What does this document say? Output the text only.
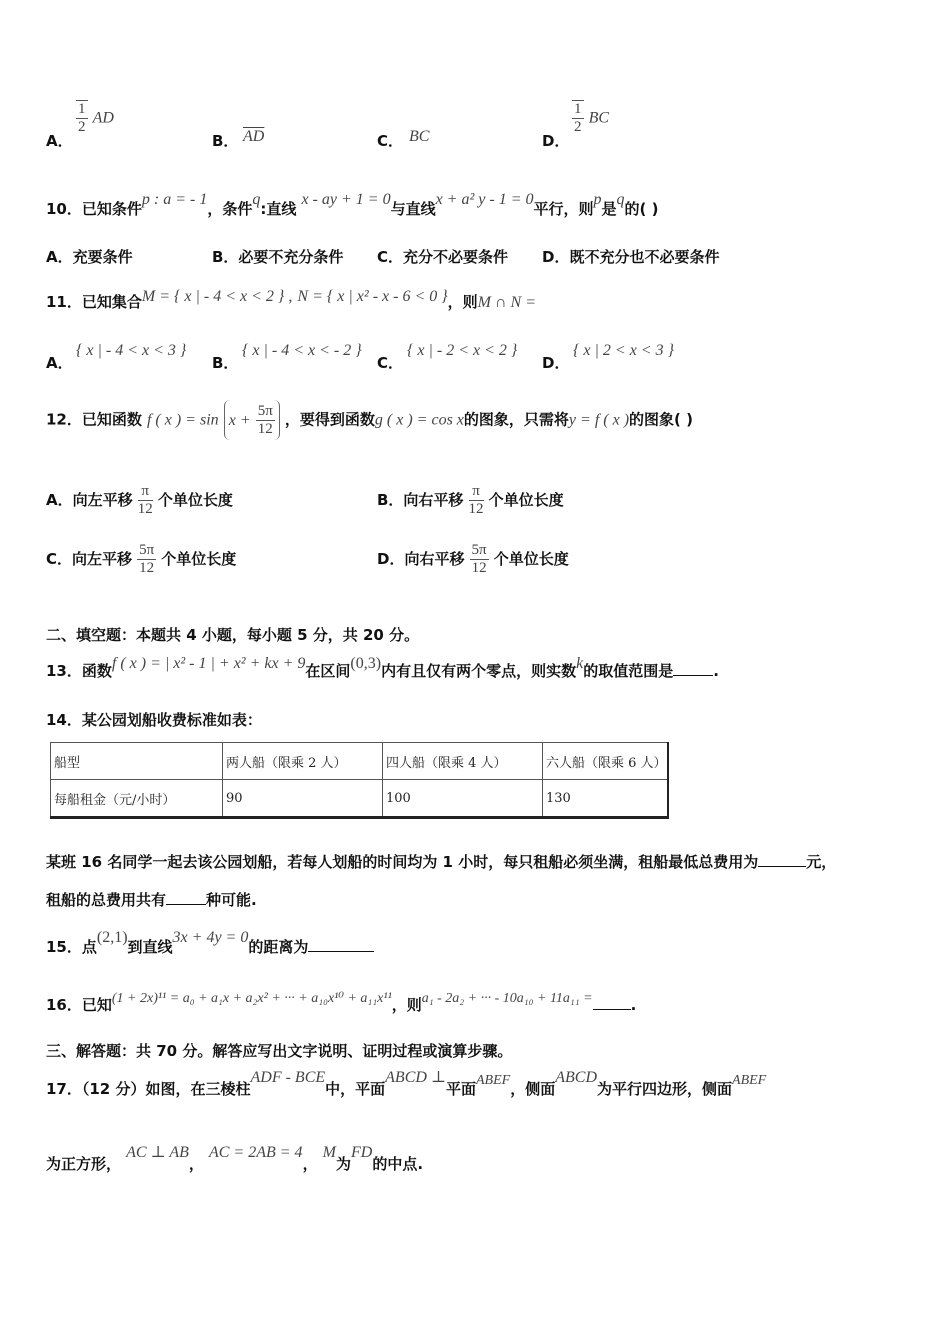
A．
$\frac{1}{2}$ AD
B． $\overline{AD}$	C． BC	D．
$\frac{1}{2}$ BC
10．已知条件p : a = - 1，条件q:直线 x - ay + 1 = 0与直线x + a² y - 1 = 0平行，则p是q的( )
A．充要条件	B．必要不充分条件 C．充分不必要条件 D．既不充分也不必要条件
11．已知集合M = { x | - 4 < x < 2 } , N = { x | x² - x - 6 < 0 }，则M ∩ N =
A．
{ x | - 4 < x < 3 }
B．
{ x | - 4 < x < - 2 }
C．
{ x | - 2 < x < 2 }
D．
{ x | 2 < x < 3 }
12．已知函数 f ( x ) = $\sin x + \frac{5\pi}{12}$ ，要得到函数g ( x ) = cos x的图象，只需将y = f ( x )的图象( )
A．向左平移 $\frac{\pi}{12}$ 个单位长度	B．向右平移 $\frac{\pi}{12}$ 个单位长度
C．向左平移 $\frac{5\pi}{12}$ 个单位长度	D．向右平移 $\frac{5\pi}{12}$ 个单位长度
二、填空题：本题共 4 小题，每小题 5 分，共 20 分。
13．函数f ( x ) = | x² - 1 | + x² + kx + 9在区间(0,3)内有且仅有两个零点，则实数k的取值范围是	.
14．某公园划船收费标准如表：
船型	两人船（限乘 2 人）	四人船（限乘 4 人）	六人船（限乘 6 人）
每船租金（元/小时）	90	100	130
某班 16 名同学一起去该公园划船，若每人划船的时间均为 1 小时，每只租船必须坐满，租船最低总费用为	元，
租船的总费用共有	种可能.
15．点(2,1)到直线3x + 4y = 0的距离为
16．已知(1 + 2x)¹¹ = a₀ + a₁x + a₂x² + ··· + a₁₀x¹⁰ + a₁₁x¹¹，则a₁ - 2a₂ + ··· - 10a₁₀ + 11a₁₁ =	.
三、解答题：共 70 分。解答应写出文字说明、证明过程或演算步骤。
17．（12 分）如图，在三棱柱ADF - BCE中，平面ABCD ⊥平面ABEF，侧面ABCD为平行四边形，侧面ABEF
为正方形， AC ⊥ AB， AC = 2AB = 4， M为FD的中点.
